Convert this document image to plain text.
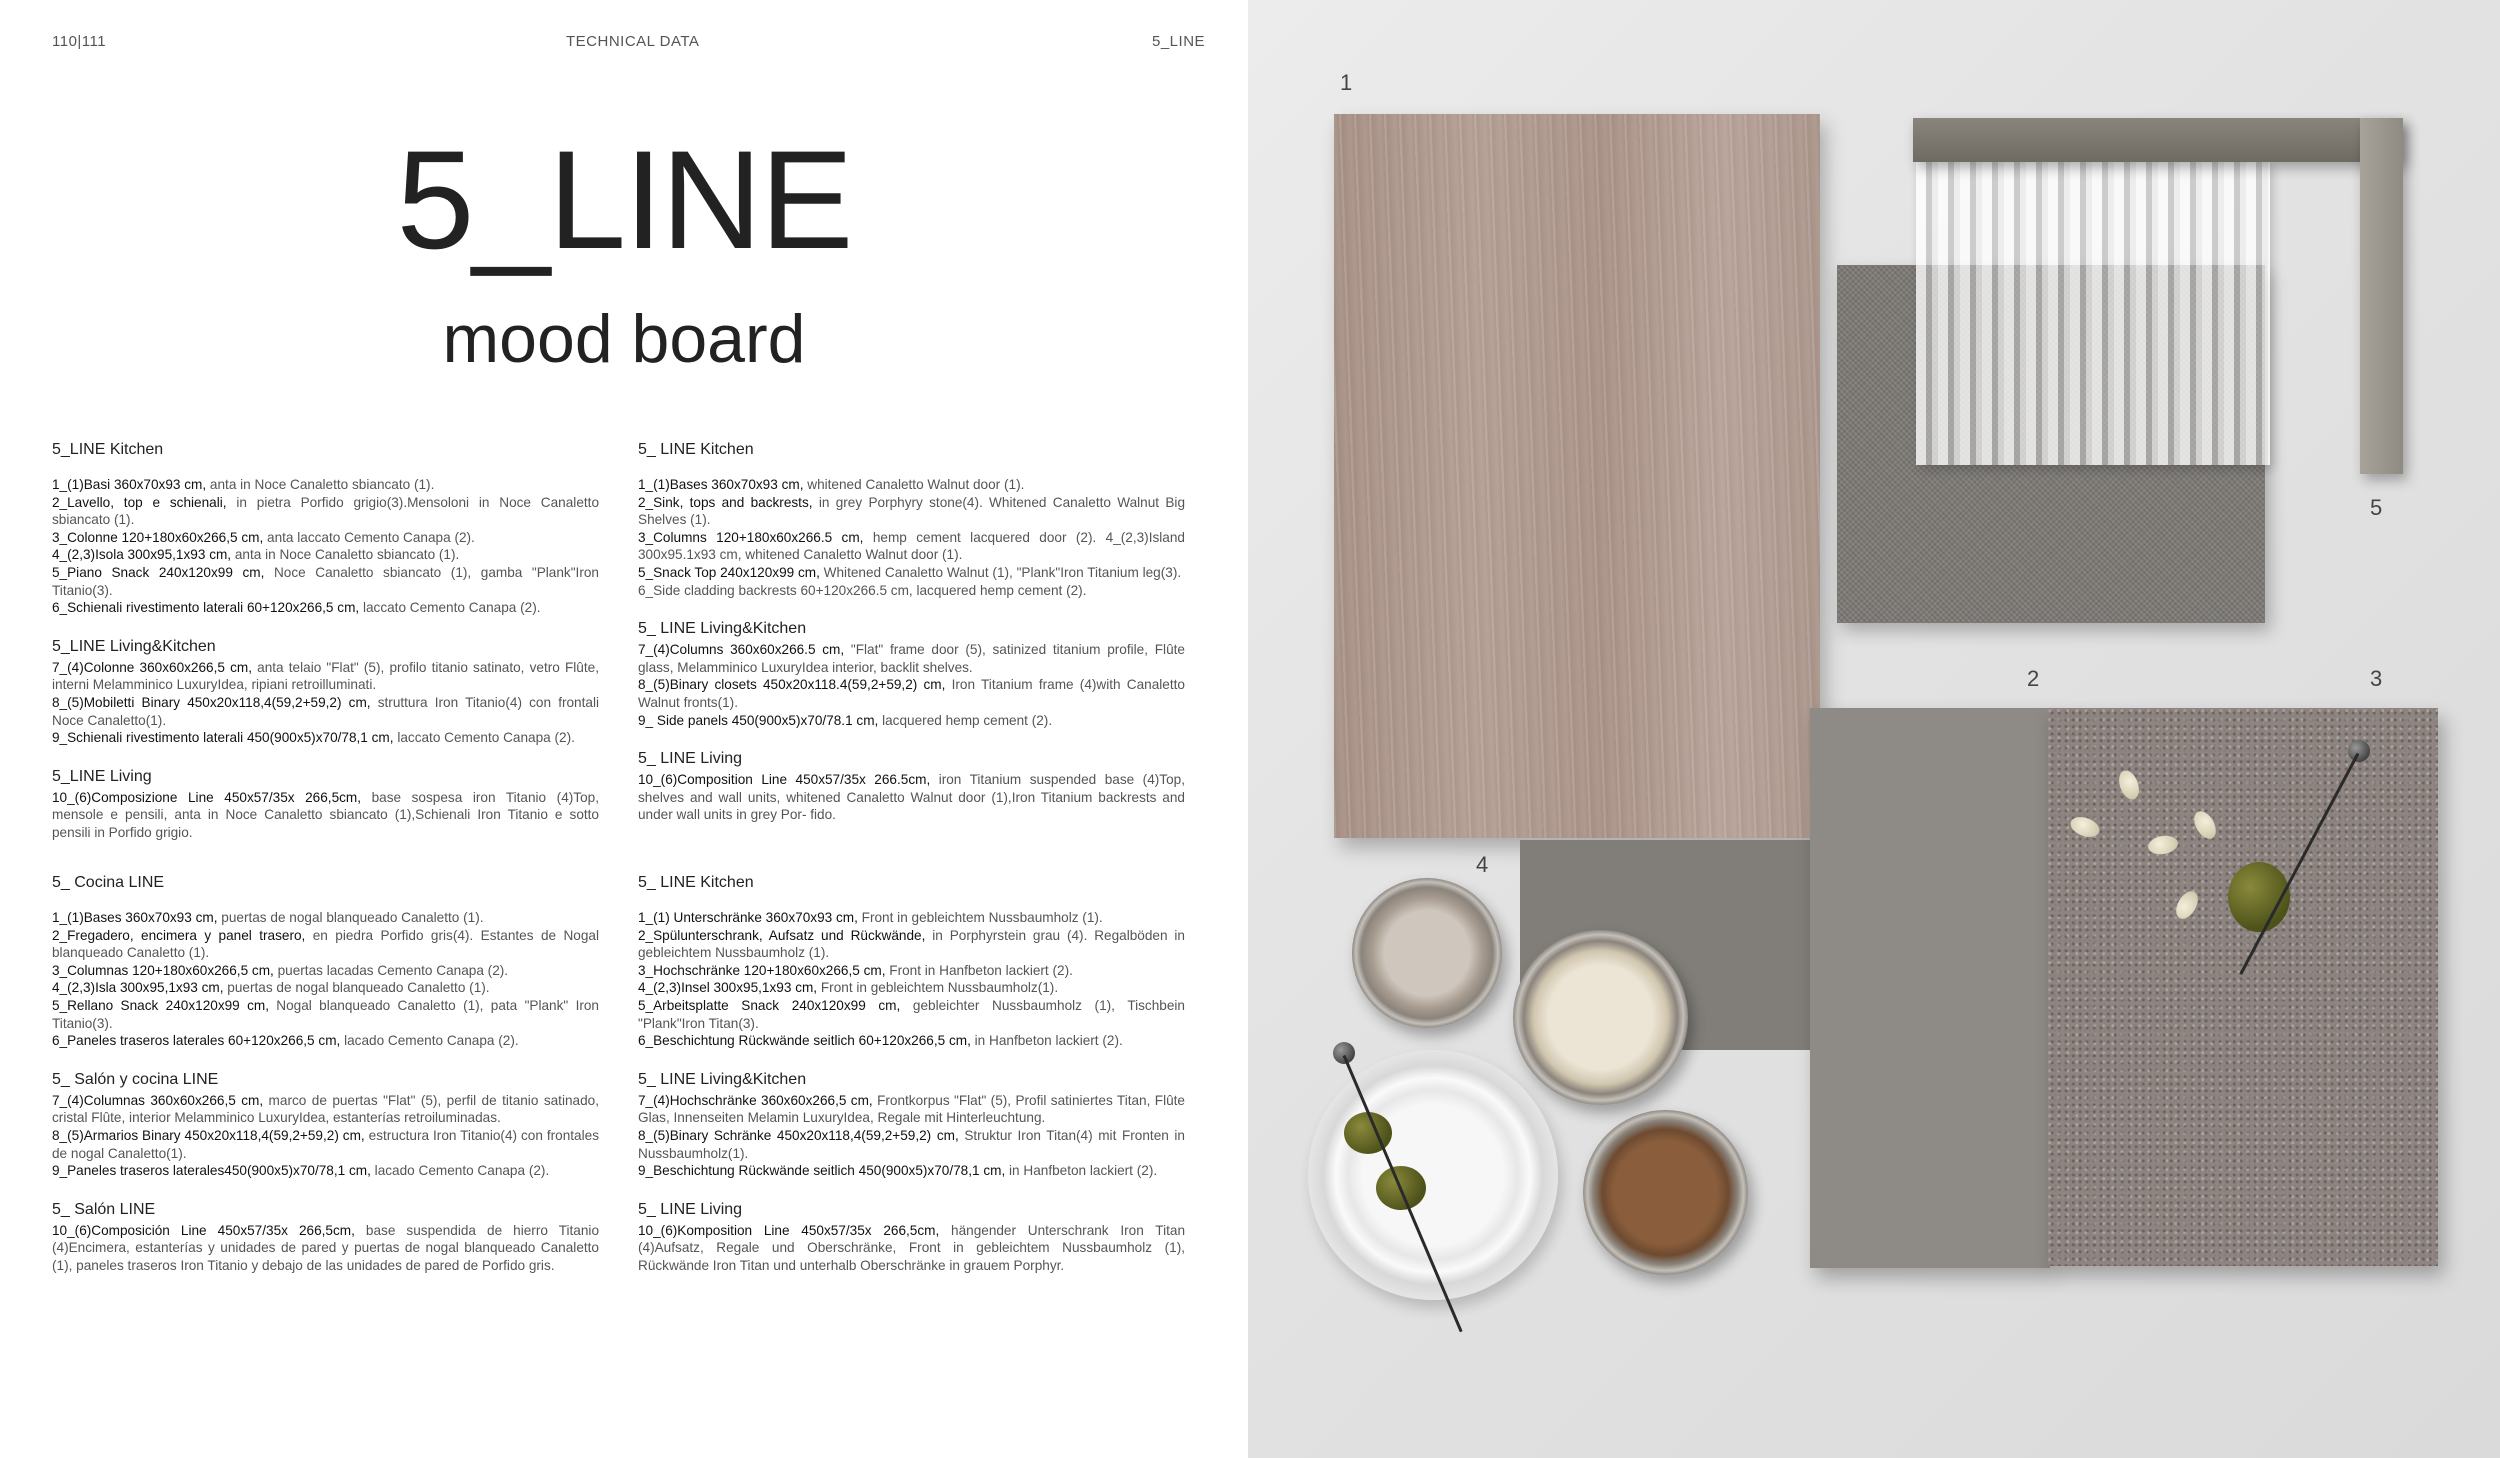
110|111	TECHNICAL DATA	5_LINE
5_LINE
mood board
5_LINE Kitchen

1_(1)Basi 360x70x93 cm, anta in Noce Canaletto sbiancato (1).

2_Lavello, top e schienali, in pietra Porfido grigio(3).Mensoloni in Noce Canaletto sbiancato (1).

3_Colonne 120+180x60x266,5 cm, anta laccato Cemento Canapa (2).

4_(2,3)Isola 300x95,1x93 cm, anta in Noce Canaletto sbiancato (1).

5_Piano Snack 240x120x99 cm, Noce Canaletto sbiancato (1), gamba "Plank"Iron Titanio(3).

6_Schienali rivestimento laterali 60+120x266,5 cm, laccato Cemento Canapa (2).

5_LINE Living&Kitchen

7_(4)Colonne 360x60x266,5 cm, anta telaio "Flat" (5), profilo titanio satinato, vetro Flûte, interni Melamminico LuxuryIdea, ripiani retroilluminati.

8_(5)Mobiletti Binary 450x20x118,4(59,2+59,2) cm, struttura Iron Titanio(4) con frontali Noce Canaletto(1).

9_Schienali rivestimento laterali 450(900x5)x70/78,1 cm, laccato Cemento Canapa (2).

5_LINE Living

10_(6)Composizione Line 450x57/35x 266,5cm, base sospesa iron Titanio (4)Top, mensole e pensili, anta in Noce Canaletto sbiancato (1),Schienali Iron Titanio e sotto pensili in Porfido grigio.

5_ LINE Kitchen

1_(1)Bases 360x70x93 cm, whitened Canaletto Walnut door (1).

2_Sink, tops and backrests, in grey Porphyry stone(4). Whitened Canaletto Walnut Big Shelves (1).

3_Columns 120+180x60x266.5 cm, hemp cement lacquered door (2). 4_(2,3)Island 300x95.1x93 cm, whitened Canaletto Walnut door (1).

5_Snack Top 240x120x99 cm, Whitened Canaletto Walnut (1), "Plank"Iron Titanium leg(3).

6_Side cladding backrests 60+120x266.5 cm, lacquered hemp cement (2).

5_ LINE Living&Kitchen

7_(4)Columns 360x60x266.5 cm, "Flat" frame door (5), satinized titanium profile, Flûte glass, Melamminico LuxuryIdea interior, backlit shelves.

8_(5)Binary closets 450x20x118.4(59,2+59,2) cm, Iron Titanium frame (4)with Canaletto Walnut fronts(1).

9_ Side panels 450(900x5)x70/78.1 cm, lacquered hemp cement (2).

5_ LINE Living

10_(6)Composition Line 450x57/35x 266.5cm, iron Titanium suspended base (4)Top, shelves and wall units, whitened Canaletto Walnut door (1),Iron Titanium backrests and under wall units in grey Por- fido.

5_ Cocina LINE

1_(1)Bases 360x70x93 cm, puertas de nogal blanqueado Canaletto (1).

2_Fregadero, encimera y panel trasero, en piedra Porfido gris(4). Estantes de Nogal blanqueado Canaletto (1).

3_Columnas 120+180x60x266,5 cm, puertas lacadas Cemento Canapa (2).

4_(2,3)Isla 300x95,1x93 cm, puertas de nogal blanqueado Canaletto (1).

5_Rellano Snack 240x120x99 cm, Nogal blanqueado Canaletto (1), pata "Plank" Iron Titanio(3).

6_Paneles traseros laterales 60+120x266,5 cm, lacado Cemento Canapa (2).

5_ Salón y cocina LINE

7_(4)Columnas 360x60x266,5 cm, marco de puertas "Flat" (5), perfil de titanio satinado, cristal Flûte, interior Melamminico LuxuryIdea, estanterías retroiluminadas.

8_(5)Armarios Binary 450x20x118,4(59,2+59,2) cm, estructura Iron Titanio(4) con frontales de nogal Canaletto(1).

9_Paneles traseros laterales450(900x5)x70/78,1 cm, lacado Cemento Canapa (2).

5_ Salón LINE

10_(6)Composición Line 450x57/35x 266,5cm, base suspendida de hierro Titanio (4)Encimera, estanterías y unidades de pared y puertas de nogal blanqueado Canaletto (1), paneles traseros Iron Titanio y debajo de las unidades de pared de Porfido gris.

5_ LINE Kitchen

1_(1) Unterschränke 360x70x93 cm, Front in gebleichtem Nussbaumholz (1).

2_Spülunterschrank, Aufsatz und Rückwände, in Porphyrstein grau (4). Regalböden in gebleichtem Nussbaumholz (1).

3_Hochschränke 120+180x60x266,5 cm, Front in Hanfbeton lackiert (2).

4_(2,3)Insel 300x95,1x93 cm, Front in gebleichtem Nussbaumholz(1).

5_Arbeitsplatte Snack 240x120x99 cm, gebleichter Nussbaumholz (1), Tischbein "Plank"Iron Titan(3).

6_Beschichtung Rückwände seitlich 60+120x266,5 cm, in Hanfbeton lackiert (2).

5_ LINE Living&Kitchen

7_(4)Hochschränke 360x60x266,5 cm, Frontkorpus "Flat" (5), Profil satiniertes Titan, Flûte Glas, Innenseiten Melamin LuxuryIdea, Regale mit Hinterleuchtung.

8_(5)Binary Schränke 450x20x118,4(59,2+59,2) cm, Struktur Iron Titan(4) mit Fronten in Nussbaumholz(1).

9_Beschichtung Rückwände seitlich 450(900x5)x70/78,1 cm, in Hanfbeton lackiert (2).

5_ LINE Living

10_(6)Komposition Line 450x57/35x 266,5cm, hängender Unterschrank Iron Titan (4)Aufsatz, Regale und Oberschränke, Front in gebleichtem Nussbaumholz (1), Rückwände Iron Titan und unterhalb Oberschränke in grauem Porphyr.

1
2	3
4
5
